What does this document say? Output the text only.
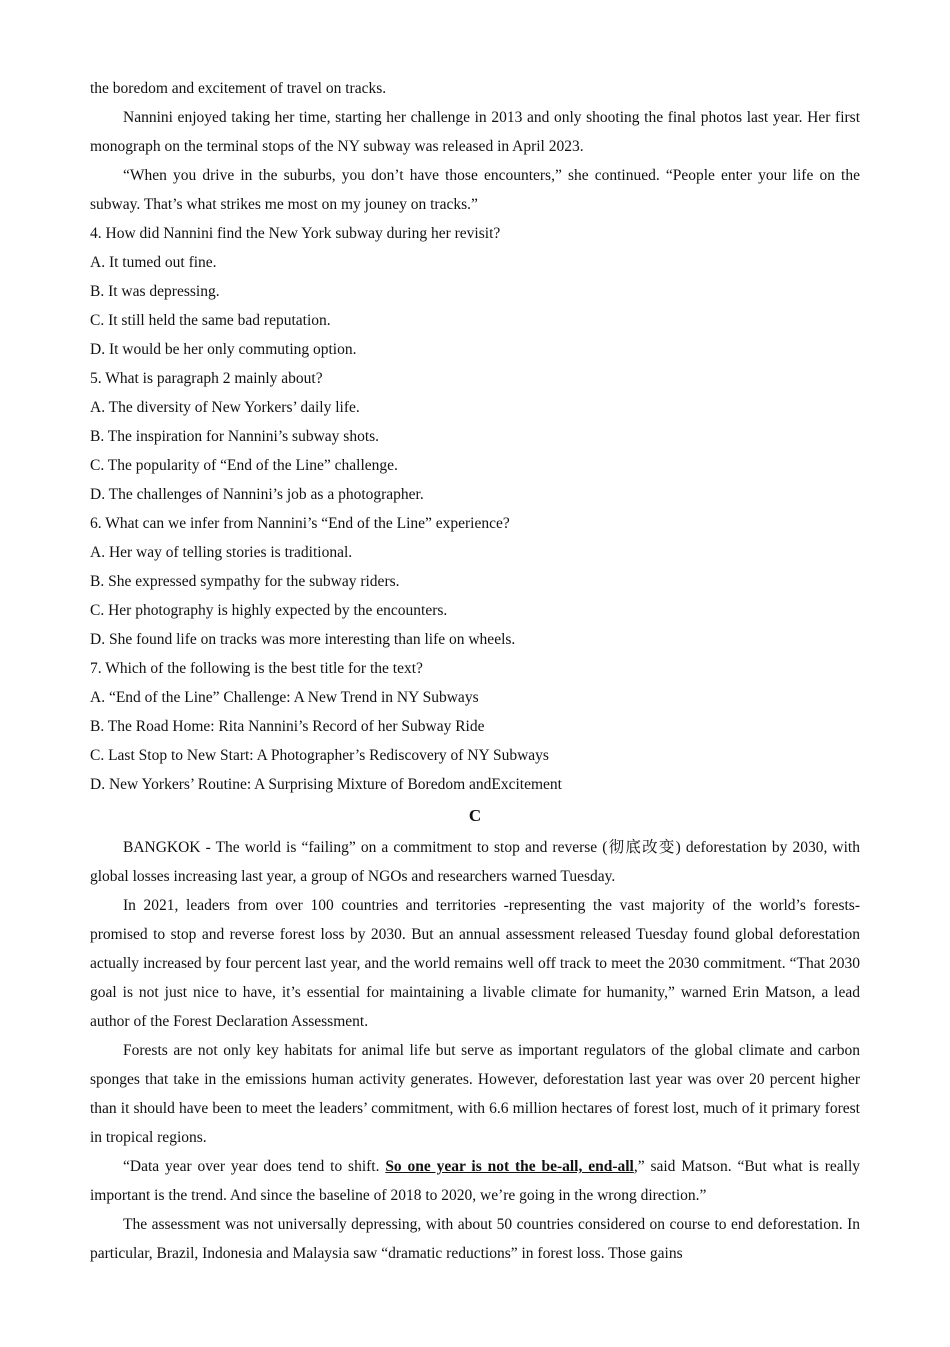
the boredom and excitement of travel on tracks.

Nannini enjoyed taking her time, starting her challenge in 2013 and only shooting the final photos last year. Her first monograph on the terminal stops of the NY subway was released in April 2023.

“When you drive in the suburbs, you don’t have those encounters,” she continued. “People enter your life on the subway. That’s what strikes me most on my jouney on tracks.”

4. How did Nannini find the New York subway during her revisit?

A. It tumed out fine.

B. It was depressing.

C. It still held the same bad reputation.

D. It would be her only commuting option.

5. What is paragraph 2 mainly about?

A. The diversity of New Yorkers’ daily life.

B. The inspiration for Nannini’s subway shots.

C. The popularity of “End of the Line” challenge.

D. The challenges of Nannini’s job as a photographer.

6. What can we infer from Nannini’s “End of the Line” experience?

A. Her way of telling stories is traditional.

B. She expressed sympathy for the subway riders.

C. Her photography is highly expected by the encounters.

D. She found life on tracks was more interesting than life on wheels.

7. Which of the following is the best title for the text?

A. “End of the Line” Challenge: A New Trend in NY Subways

B. The Road Home: Rita Nannini’s Record of her Subway Ride

C. Last Stop to New Start: A Photographer’s Rediscovery of NY Subways

D. New Yorkers’ Routine: A Surprising Mixture of Boredom andExcitement

C

BANGKOK - The world is “failing” on a commitment to stop and reverse (彻底改变) deforestation by 2030, with global losses increasing last year, a group of NGOs and researchers warned Tuesday.

In 2021, leaders from over 100 countries and territories -representing the vast majority of the world’s forests- promised to stop and reverse forest loss by 2030. But an annual assessment released Tuesday found global deforestation actually increased by four percent last year, and the world remains well off track to meet the 2030 commitment. “That 2030 goal is not just nice to have, it’s essential for maintaining a livable climate for humanity,” warned Erin Matson, a lead author of the Forest Declaration Assessment.

Forests are not only key habitats for animal life but serve as important regulators of the global climate and carbon sponges that take in the emissions human activity generates. However, deforestation last year was over 20 percent higher than it should have been to meet the leaders’ commitment, with 6.6 million hectares of forest lost, much of it primary forest in tropical regions.

“Data year over year does tend to shift. So one year is not the be-all, end-all,” said Matson. “But what is really important is the trend. And since the baseline of 2018 to 2020, we’re going in the wrong direction.”

The assessment was not universally depressing, with about 50 countries considered on course to end deforestation. In particular, Brazil, Indonesia and Malaysia saw “dramatic reductions” in forest loss. Those gains
